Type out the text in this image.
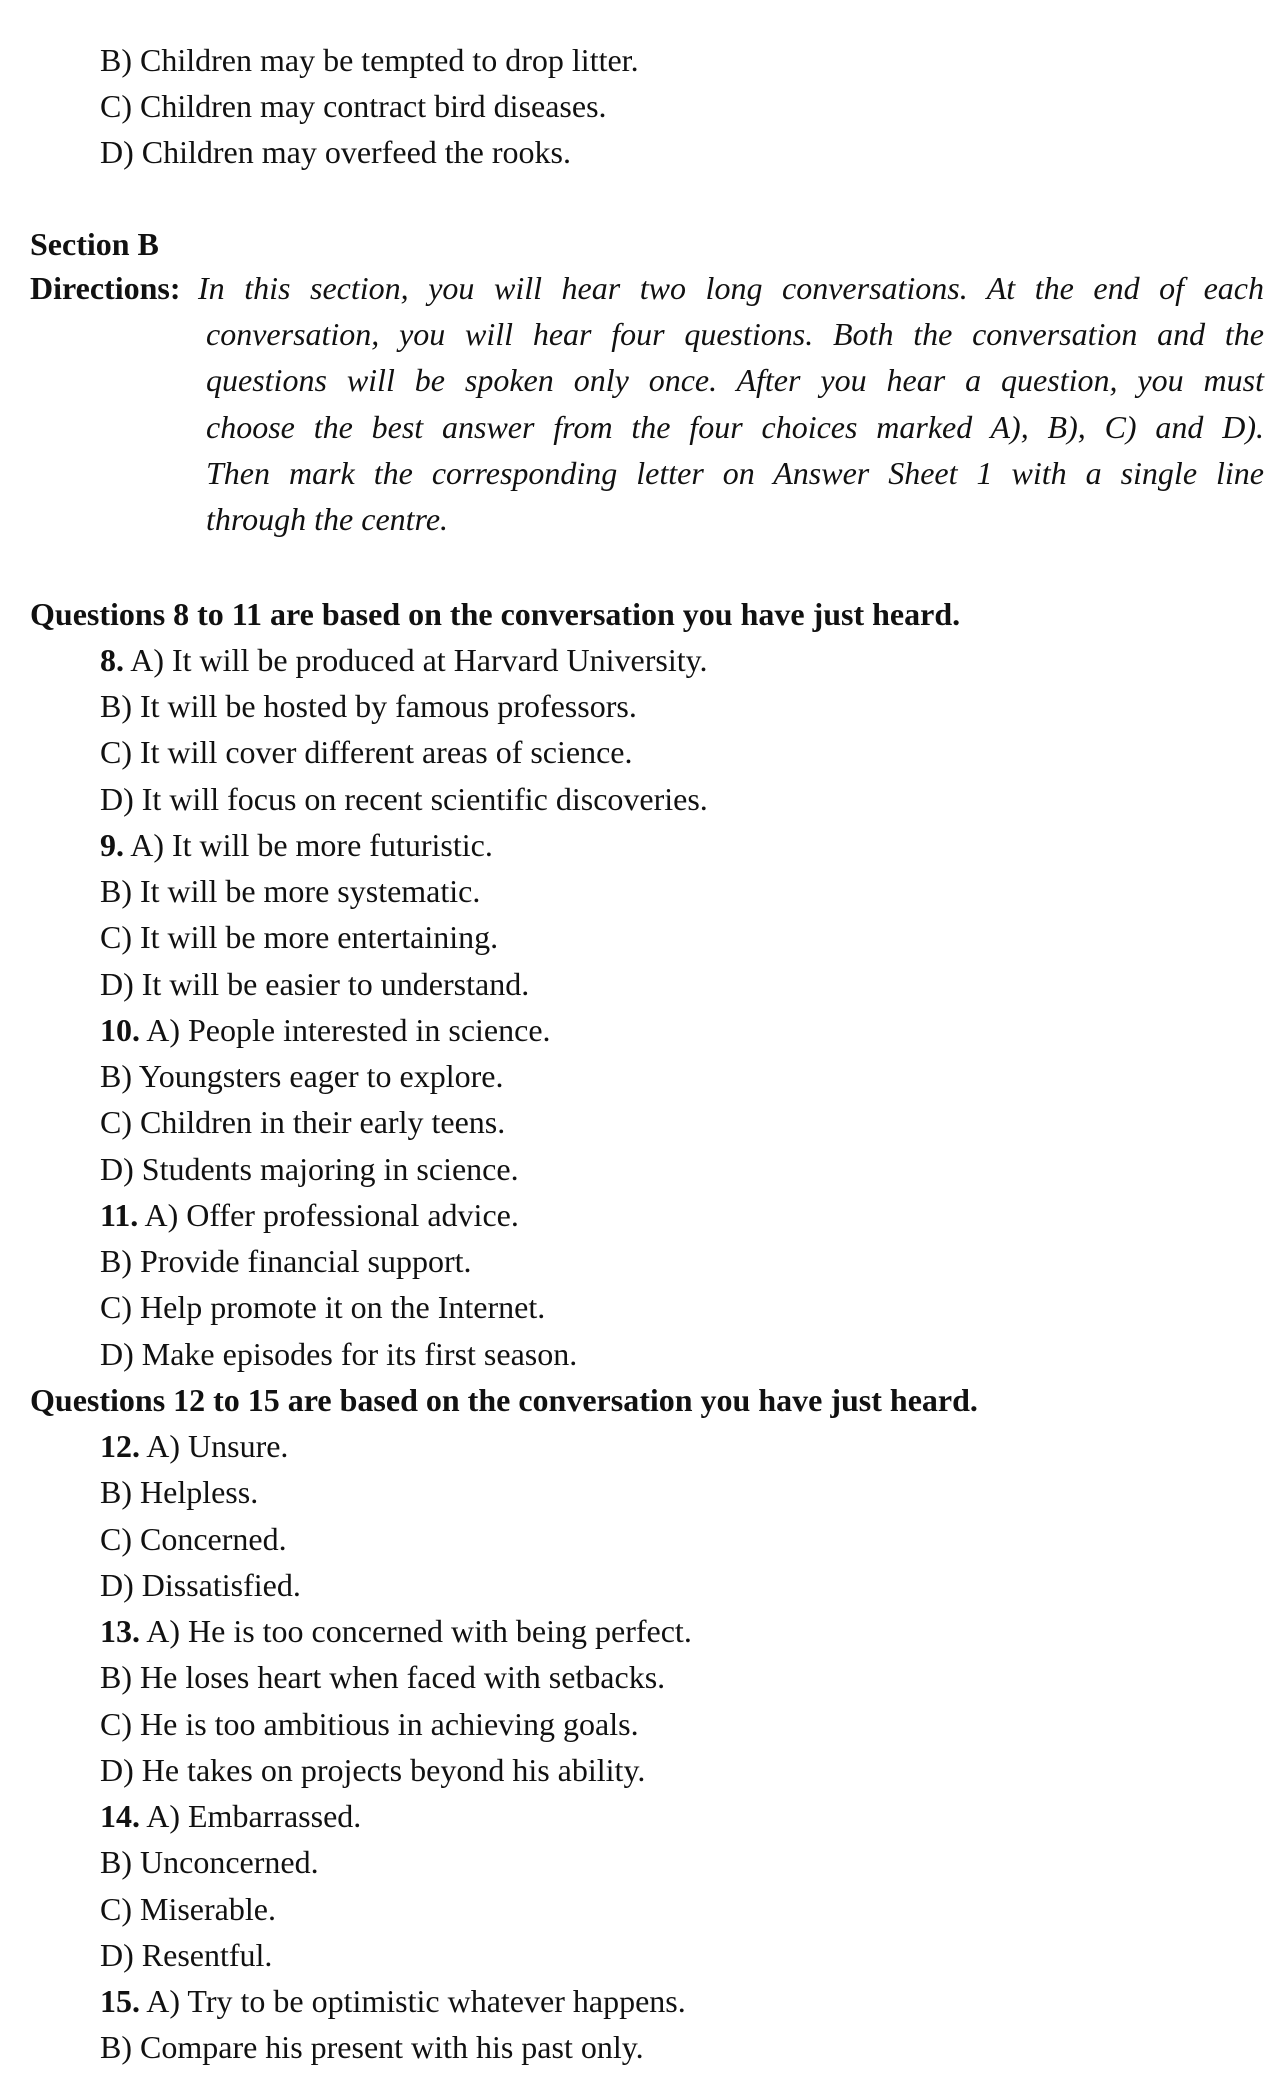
B) Children may be tempted to drop litter.
C) Children may contract bird diseases.
D) Children may overfeed the rooks.
Section B
Directions: In this section, you will hear two long conversations. At the end of each
conversation, you will hear four questions. Both the conversation and the
questions will be spoken only once. After you hear a question, you must
choose the best answer from the four choices marked A), B), C) and D).
Then mark the corresponding letter on Answer Sheet 1 with a single line
through the centre.
Questions 8 to 11 are based on the conversation you have just heard.
8. A) It will be produced at Harvard University.
B) It will be hosted by famous professors.
C) It will cover different areas of science.
D) It will focus on recent scientific discoveries.
9. A) It will be more futuristic.
B) It will be more systematic.
C) It will be more entertaining.
D) It will be easier to understand.
10. A) People interested in science.
B) Youngsters eager to explore.
C) Children in their early teens.
D) Students majoring in science.
11. A) Offer professional advice.
B) Provide financial support.
C) Help promote it on the Internet.
D) Make episodes for its first season.
Questions 12 to 15 are based on the conversation you have just heard.
12. A) Unsure.
B) Helpless.
C) Concerned.
D) Dissatisfied.
13. A) He is too concerned with being perfect.
B) He loses heart when faced with setbacks.
C) He is too ambitious in achieving goals.
D) He takes on projects beyond his ability.
14. A) Embarrassed.
B) Unconcerned.
C) Miserable.
D) Resentful.
15. A) Try to be optimistic whatever happens.
B) Compare his present with his past only.
